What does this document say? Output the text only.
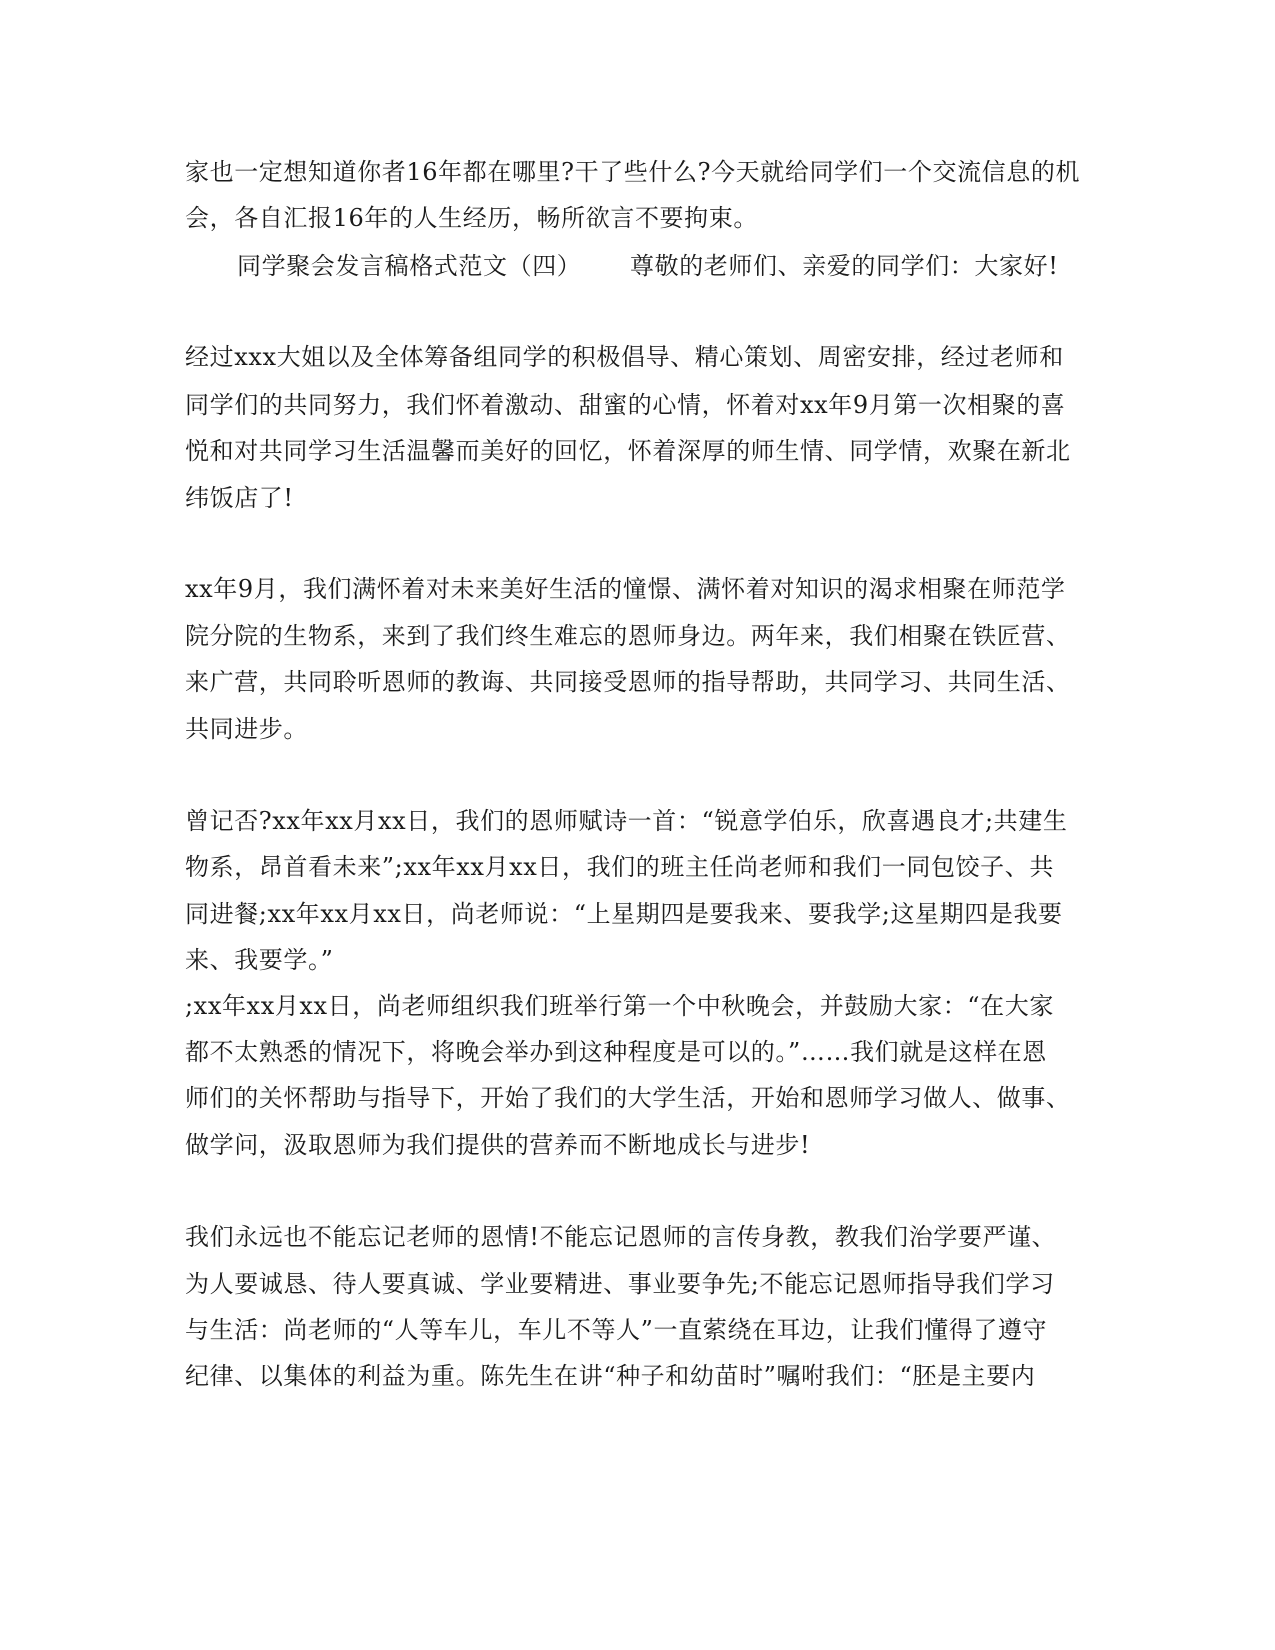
家也一定想知道你者16年都在哪里?干了些什么?今天就给同学们一个交流信息的机
会，各自汇报16年的人生经历，畅所欲言不要拘束。
同学聚会发言稿格式范文（四） 尊敬的老师们、亲爱的同学们：大家好!
经过xxx大姐以及全体筹备组同学的积极倡导、精心策划、周密安排，经过老师和
同学们的共同努力，我们怀着激动、甜蜜的心情，怀着对xx年9月第一次相聚的喜
悦和对共同学习生活温馨而美好的回忆，怀着深厚的师生情、同学情，欢聚在新北
纬饭店了!
xx年9月，我们满怀着对未来美好生活的憧憬、满怀着对知识的渴求相聚在师范学
院分院的生物系，来到了我们终生难忘的恩师身边。两年来，我们相聚在铁匠营、
来广营，共同聆听恩师的教诲、共同接受恩师的指导帮助，共同学习、共同生活、
共同进步。
曾记否?xx年xx月xx日，我们的恩师赋诗一首：“锐意学伯乐，欣喜遇良才;共建生
物系，昂首看未来”;xx年xx月xx日，我们的班主任尚老师和我们一同包饺子、共
同进餐;xx年xx月xx日，尚老师说：“上星期四是要我来、要我学;这星期四是我要
来、我要学。”
;xx年xx月xx日，尚老师组织我们班举行第一个中秋晚会，并鼓励大家：“在大家
都不太熟悉的情况下，将晚会举办到这种程度是可以的。”……我们就是这样在恩
师们的关怀帮助与指导下，开始了我们的大学生活，开始和恩师学习做人、做事、
做学问，汲取恩师为我们提供的营养而不断地成长与进步!
我们永远也不能忘记老师的恩情!不能忘记恩师的言传身教，教我们治学要严谨、
为人要诚恳、待人要真诚、学业要精进、事业要争先;不能忘记恩师指导我们学习
与生活：尚老师的“人等车儿，车儿不等人”一直萦绕在耳边，让我们懂得了遵守
纪律、以集体的利益为重。陈先生在讲“种子和幼苗时”嘱咐我们：“胚是主要内
